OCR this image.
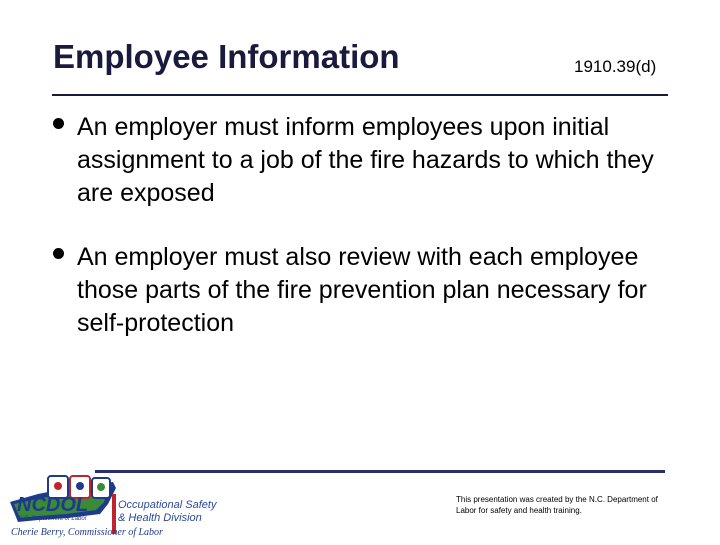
Employee Information	1910.39(d)
An employer must inform employees upon initial assignment to a job of the fire hazards to which they are exposed
An employer must also review with each employee those parts of the fire prevention plan necessary for self-protection
NCDOL
N.C. Department of Labor
Occupational Safety
& Health Division
Cherie Berry, Commissioner of Labor
This presentation was created by the N.C. Department of Labor for safety and health training.
